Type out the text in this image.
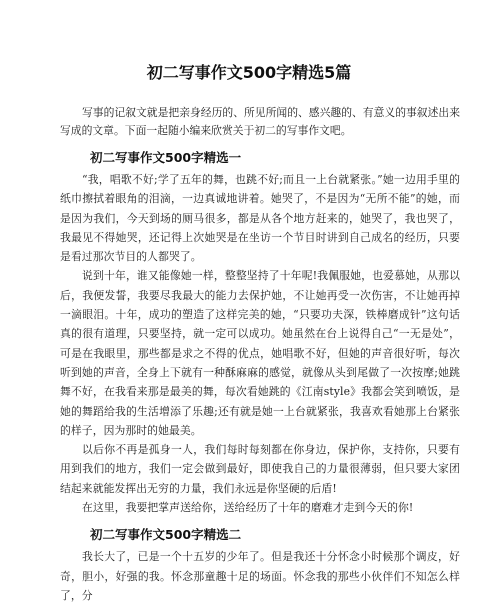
初二写事作文500字精选5篇

写事的记叙文就是把亲身经历的、所见所闻的、感兴趣的、有意义的事叙述出来写成的文章。下面一起随小编来欣赏关于初二的写事作文吧。

初二写事作文500字精选一

“我，唱歌不好;学了五年的舞，也跳不好;而且一上台就紧张。”她一边用手里的纸巾擦拭着眼角的泪滴，一边真诚地讲着。她哭了，不是因为“无所不能”的她，而是因为我们，今天到场的厕马很多，都是从各个地方赶来的，她哭了，我也哭了，我最见不得她哭，还记得上次她哭是在坐访一个节目时讲到自己成名的经历，只要是看过那次节目的人都哭了。

说到十年，谁又能像她一样，整整坚持了十年呢!我佩服她，也爱慕她，从那以后，我便发誓，我要尽我最大的能力去保护她，不让她再受一次伤害，不让她再掉一滴眼泪。十年，成功的塑造了这样完美的她，“只要功夫深，铁棒磨成针”这句话真的很有道理，只要坚持，就一定可以成功。她虽然在台上说得自己“一无是处”，可是在我眼里，那些都是求之不得的优点，她唱歌不好，但她的声音很好听，每次听到她的声音，全身上下就有一种酥麻麻的感觉，就像从头到尾做了一次按摩;她跳舞不好，在我看来那是最美的舞，每次看她跳的《江南style》我都会笑到喷饭，是她的舞蹈给我的生活增添了乐趣;还有就是她一上台就紧张，我喜欢看她那上台紧张的样子，因为那时的她最美。

以后你不再是孤身一人，我们每时每刻都在你身边，保护你，支持你，只要有用到我们的地方，我们一定会做到最好，即使我自己的力量很薄弱，但只要大家团结起来就能发挥出无穷的力量，我们永远是你坚硬的后盾!

在这里，我要把掌声送给你，送给经历了十年的磨难才走到今天的你!

初二写事作文500字精选二

我长大了，已是一个十五岁的少年了。但是我还十分怀念小时候那个调皮，好奇，胆小，好强的我。怀念那童趣十足的场面。怀念我的那些小伙伴们不知怎么样了，分
